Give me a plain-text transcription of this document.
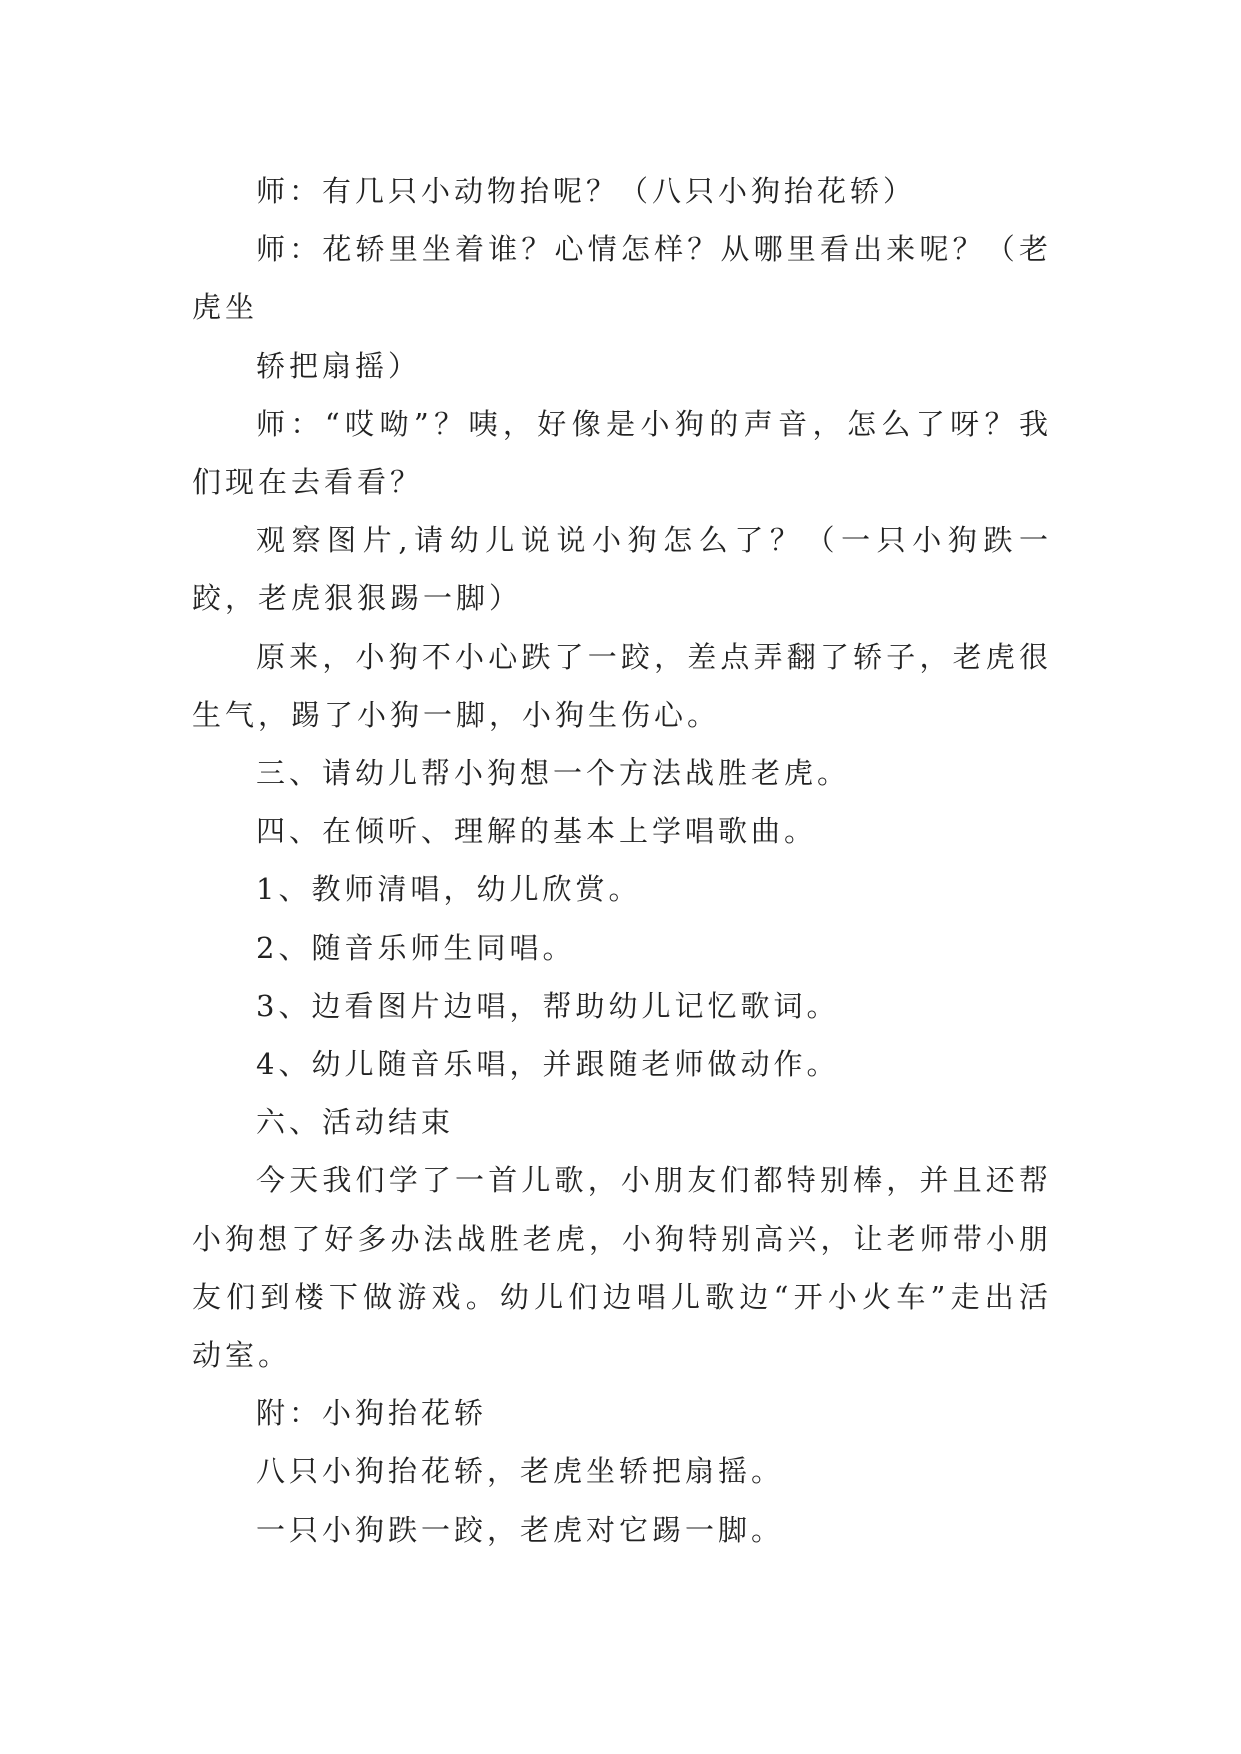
师：有几只小动物抬呢？（八只小狗抬花轿）

师：花轿里坐着谁？心情怎样？从哪里看出来呢？（老虎坐

轿把扇摇）

师：“哎呦”？咦，好像是小狗的声音，怎么了呀？我们现在去看看？

观察图片,请幼儿说说小狗怎么了？（一只小狗跌一跤，老虎狠狠踢一脚）

原来，小狗不小心跌了一跤，差点弄翻了轿子，老虎很生气，踢了小狗一脚，小狗生伤心。

三、请幼儿帮小狗想一个方法战胜老虎。

四、在倾听、理解的基本上学唱歌曲。

1、教师清唱，幼儿欣赏。

2、随音乐师生同唱。

3、边看图片边唱，帮助幼儿记忆歌词。

4、幼儿随音乐唱，并跟随老师做动作。

六、活动结束

今天我们学了一首儿歌，小朋友们都特别棒，并且还帮小狗想了好多办法战胜老虎，小狗特别高兴，让老师带小朋友们到楼下做游戏。幼儿们边唱儿歌边“开小火车”走出活动室。

附：小狗抬花轿

八只小狗抬花轿，老虎坐轿把扇摇。

一只小狗跌一跤，老虎对它踢一脚。
